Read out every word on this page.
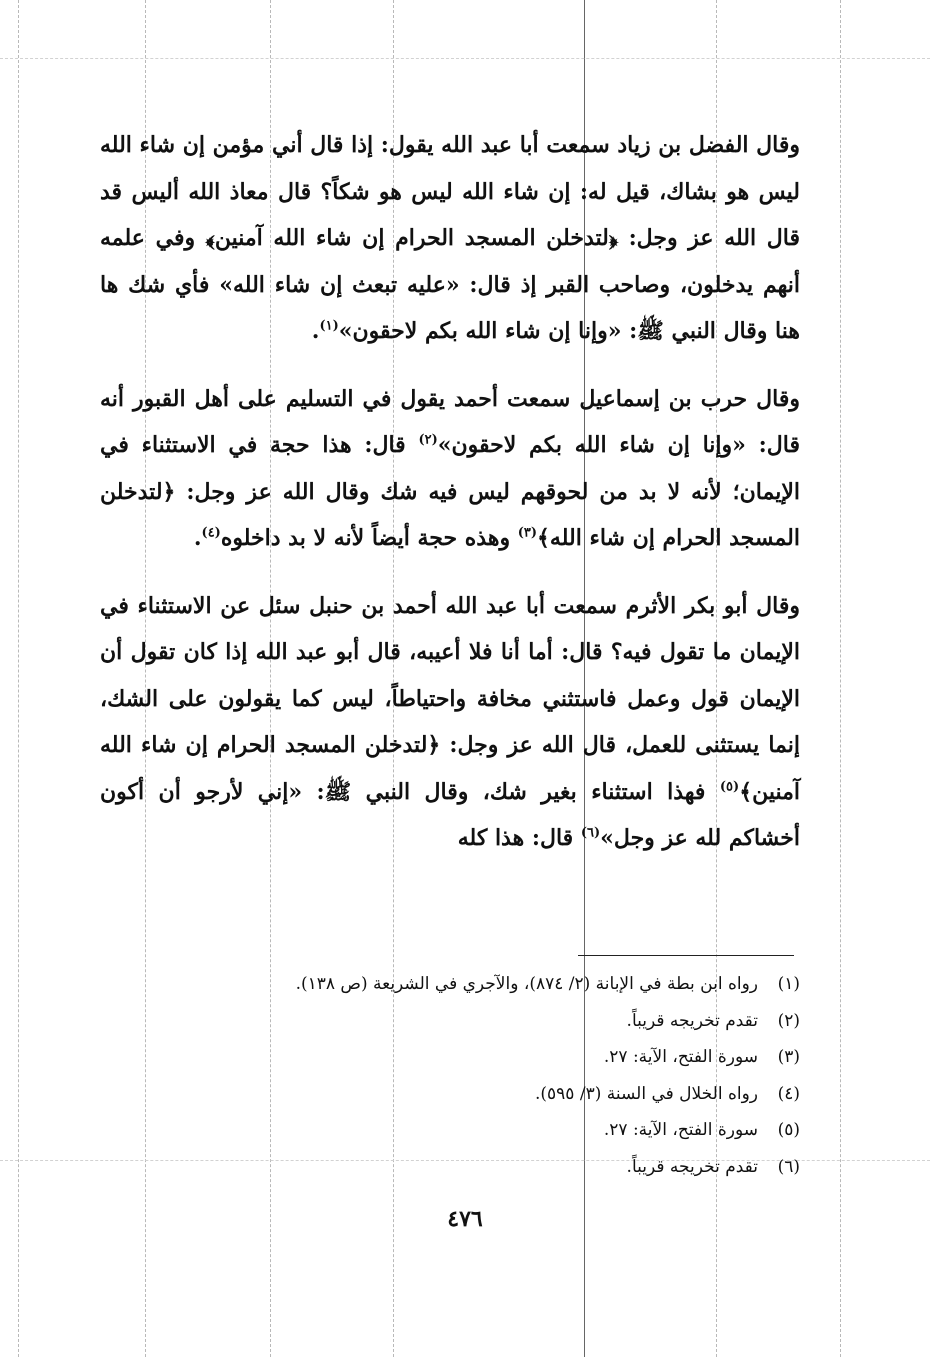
وقال الفضل بن زياد سمعت أبا عبد الله يقول: إذا قال أني مؤمن إن شاء الله ليس هو بشاك، قيل له: إن شاء الله ليس هو شكاً؟ قال معاذ الله أليس قد قال الله عز وجل: ﴿لتدخلن المسجد الحرام إن شاء الله آمنين﴾ وفي علمه أنهم يدخلون، وصاحب القبر إذ قال: «عليه تبعث إن شاء الله» فأي شك ها هنا وقال النبي ﷺ: «وإنا إن شاء الله بكم لاحقون»$^{(١)}$.

وقال حرب بن إسماعيل سمعت أحمد يقول في التسليم على أهل القبور أنه قال: «وإنا إن شاء الله بكم لاحقون»$^{(٢)}$ قال: هذا حجة في الاستثناء في الإيمان؛ لأنه لا بد من لحوقهم ليس فيه شك وقال الله عز وجل: ﴿لتدخلن المسجد الحرام إن شاء الله﴾$^{(٣)}$ وهذه حجة أيضاً لأنه لا بد داخلوه$^{(٤)}$.

وقال أبو بكر الأثرم سمعت أبا عبد الله أحمد بن حنبل سئل عن الاستثناء في الإيمان ما تقول فيه؟ قال: أما أنا فلا أعيبه، قال أبو عبد الله إذا كان تقول أن الإيمان قول وعمل فاستثني مخافة واحتياطاً، ليس كما يقولون على الشك، إنما يستثنى للعمل، قال الله عز وجل: ﴿لتدخلن المسجد الحرام إن شاء الله آمنين﴾$^{(٥)}$ فهذا استثناء بغير شك، وقال النبي ﷺ: «إني لأرجو أن أكون أخشاكم لله عز وجل»$^{(٦)}$ قال: هذا كله

(١)
رواه ابن بطة في الإبانة (٢/ ٨٧٤)، والآجري في الشريعة (ص ١٣٨).
(٢)
تقدم تخريجه قريباً.
(٣)
سورة الفتح، الآية: ٢٧.
(٤)
رواه الخلال في السنة (٣/ ٥٩٥).
(٥)
سورة الفتح، الآية: ٢٧.
(٦)
تقدم تخريجه قريباً.
٤٧٦
